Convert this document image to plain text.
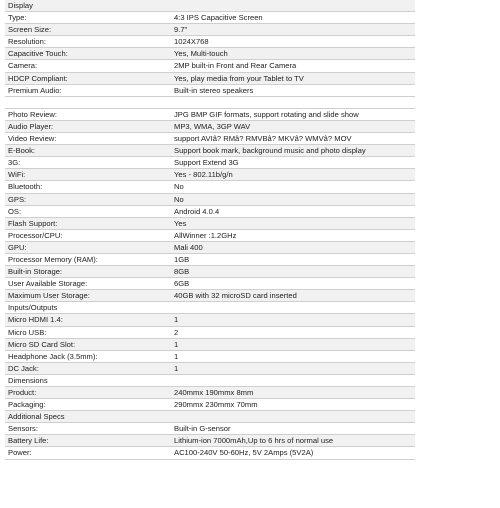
Display
Type:	4:3 IPS Capacitive Screen
Screen Size:	9.7"
Resolution:	1024X768
Capacitive Touch:	Yes, Multi-touch
Camera:	2MP built-in Front and Rear Camera
HDCP Compliant:	Yes, play media from your Tablet to TV
Premium Audio:	Built-in stereo speakers
Photo Review:	JPG BMP GIF formats, support rotating and slide show
Audio Player:	MP3, WMA, 3GP WAV
Video Review:	support AVIâ? RMâ? RMVBâ? MKVâ? WMVâ? MOV
E-Book:	Support book mark, background music and photo display
3G:	Support Extend 3G
WiFi:	Yes - 802.11b/g/n
Bluetooth:	No
GPS:	No
OS:	Android 4.0.4
Flash Support:	Yes
Processor/CPU:	AllWinner :1.2GHz
GPU:	Mali 400
Processor Memory (RAM):	1GB
Built-in Storage:	8GB
User Available Storage:	6GB
Maximum User Storage:	40GB with 32 microSD card inserted
Inputs/Outputs
Micro HDMI 1.4:	1
Micro USB:	2
Micro SD Card Slot:	1
Headphone Jack (3.5mm):	1
DC Jack:	1
Dimensions
Product:	240mmx 190mmx 8mm
Packaging:	290mmx 230mmx 70mm
Additional Specs
Sensors:	Built-in G-sensor
Battery Life:	Lithium-ion 7000mAh,Up to 6 hrs of normal use
Power:	AC100-240V 50-60Hz, 5V 2Amps (5V2A)
